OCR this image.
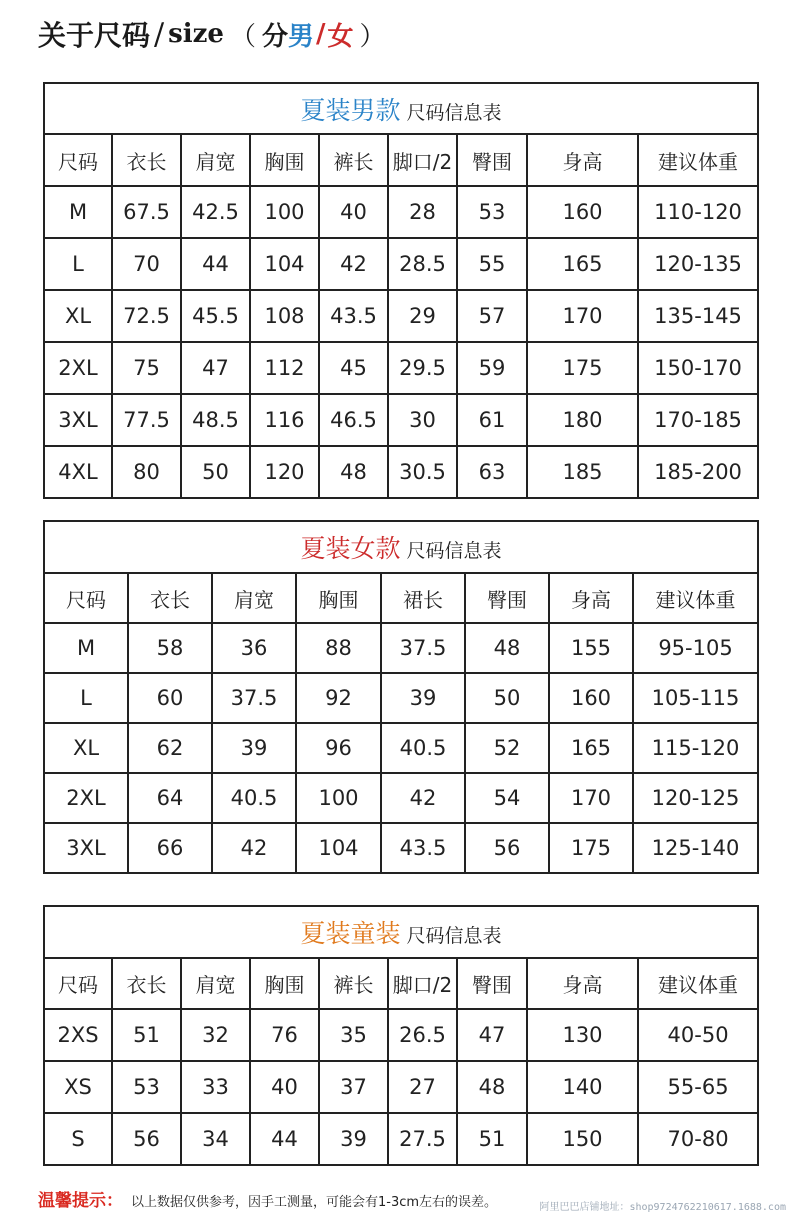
关于尺码 / size （ 分 男 / 女 ）
夏装男款 尺码信息表								
尺码	衣长	肩宽	胸围	裤长	脚口/2	臀围	身高	建议体重
M	67.5	42.5	100	40	28	53	160	110-120
L	70	44	104	42	28.5	55	165	120-135
XL	72.5	45.5	108	43.5	29	57	170	135-145
2XL	75	47	112	45	29.5	59	175	150-170
3XL	77.5	48.5	116	46.5	30	61	180	170-185
4XL	80	50	120	48	30.5	63	185	185-200
夏装女款 尺码信息表							
尺码	衣长	肩宽	胸围	裙长	臀围	身高	建议体重
M	58	36	88	37.5	48	155	95-105
L	60	37.5	92	39	50	160	105-115
XL	62	39	96	40.5	52	165	115-120
2XL	64	40.5	100	42	54	170	120-125
3XL	66	42	104	43.5	56	175	125-140
夏装童装 尺码信息表								
尺码	衣长	肩宽	胸围	裤长	脚口/2	臀围	身高	建议体重
2XS	51	32	76	35	26.5	47	130	40-50
XS	53	33	40	37	27	48	140	55-65
S	56	34	44	39	27.5	51	150	70-80
温馨提示： 以上数据仅供参考，因手工测量，可能会有1-3cm左右的误差。	阿里巴巴店铺地址：shop9724762210617.1688.com
